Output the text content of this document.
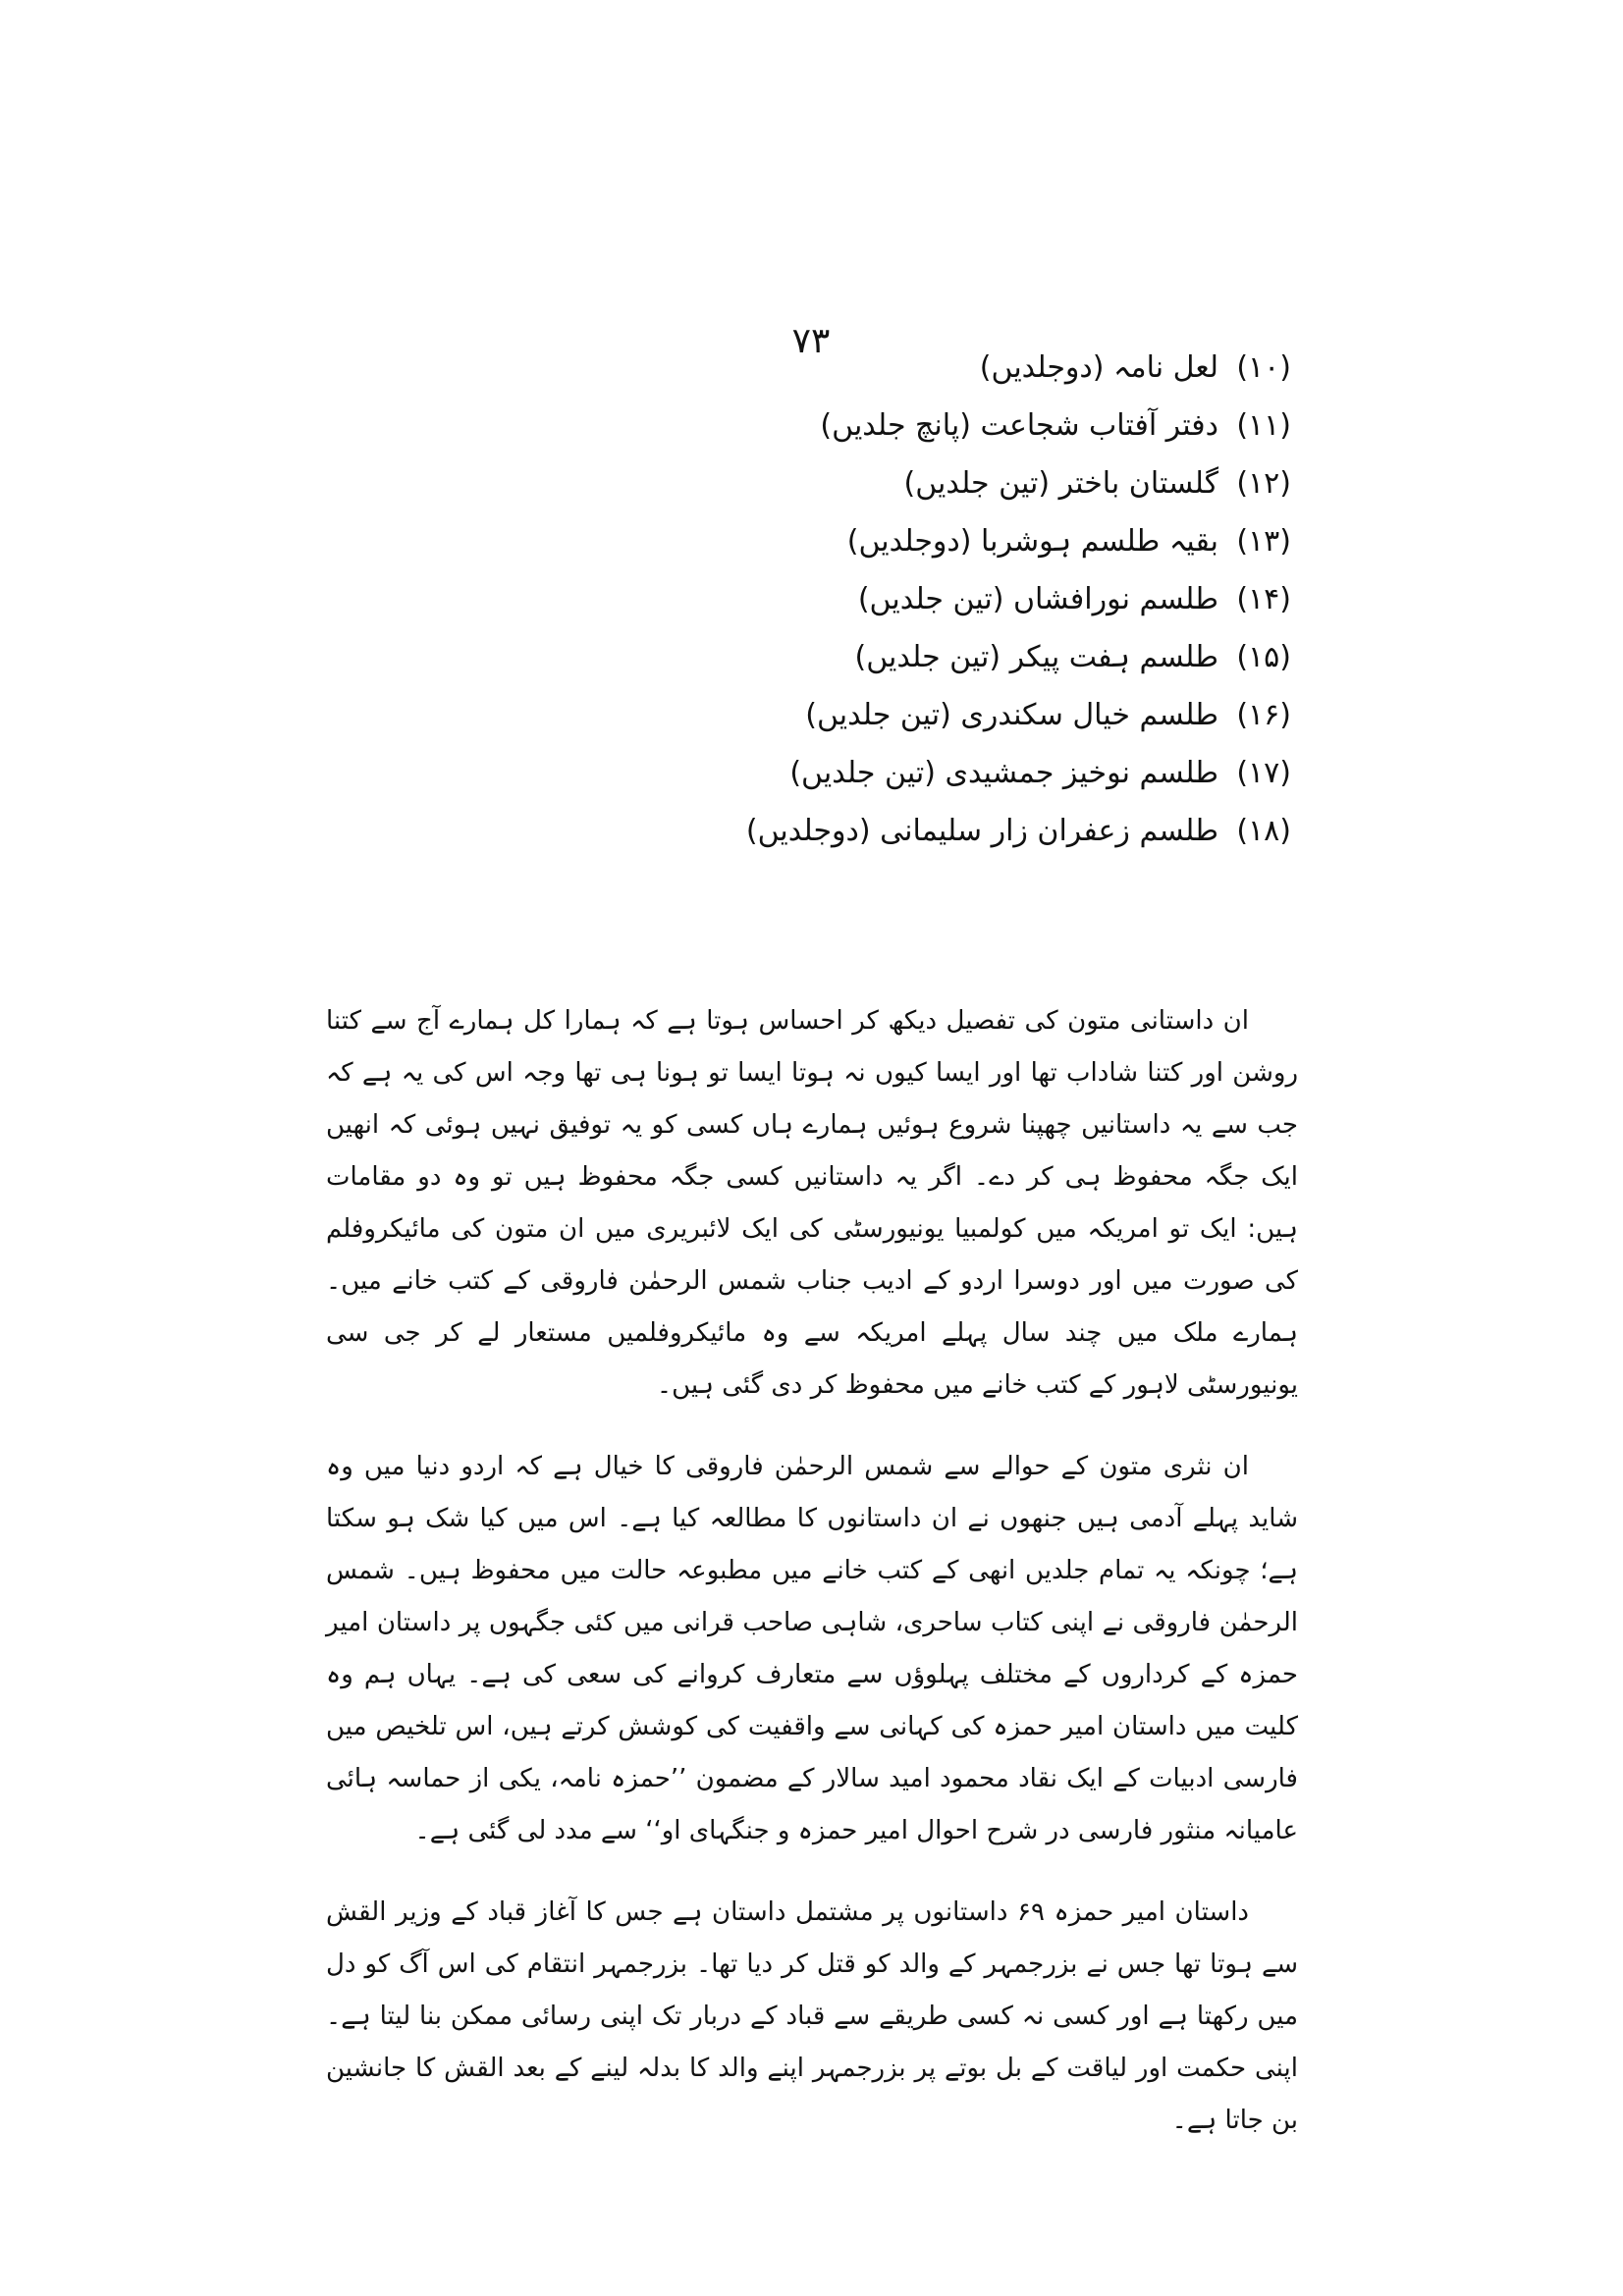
۷۳
(۱۰)لعل نامہ (دوجلدیں)
(۱۱)دفتر آفتاب شجاعت (پانچ جلدیں)
(۱۲)گلستان باختر (تین جلدیں)
(۱۳)بقیہ طلسم ہوشربا (دوجلدیں)
(۱۴)طلسم نورافشاں (تین جلدیں)
(۱۵)طلسم ہفت پیکر (تین جلدیں)
(۱۶)طلسم خیال سکندری (تین جلدیں)
(۱۷)طلسم نوخیز جمشیدی (تین جلدیں)
(۱۸)طلسم زعفران زار سلیمانی (دوجلدیں)

ان داستانی متون کی تفصیل دیکھ کر احساس ہوتا ہے کہ ہمارا کل ہمارے آج سے کتنا روشن اور کتنا شاداب تھا اور ایسا کیوں نہ ہوتا ایسا تو ہونا ہی تھا وجہ اس کی یہ ہے کہ جب سے یہ داستانیں چھپنا شروع ہوئیں ہمارے ہاں کسی کو یہ توفیق نہیں ہوئی کہ انھیں ایک جگہ محفوظ ہی کر دے۔ اگر یہ داستانیں کسی جگہ محفوظ ہیں تو وہ دو مقامات ہیں: ایک تو امریکہ میں کولمبیا یونیورسٹی کی ایک لائبریری میں ان متون کی مائیکروفلم کی صورت میں اور دوسرا اردو کے ادیب جناب شمس الرحمٰن فاروقی کے کتب خانے میں۔ ہمارے ملک میں چند سال پہلے امریکہ سے وہ مائیکروفلمیں مستعار لے کر جی سی یونیورسٹی لاہور کے کتب خانے میں محفوظ کر دی گئی ہیں۔

ان نثری متون کے حوالے سے شمس الرحمٰن فاروقی کا خیال ہے کہ اردو دنیا میں وہ شاید پہلے آدمی ہیں جنھوں نے ان داستانوں کا مطالعہ کیا ہے۔ اس میں کیا شک ہو سکتا ہے؛ چونکہ یہ تمام جلدیں انھی کے کتب خانے میں مطبوعہ حالت میں محفوظ ہیں۔ شمس الرحمٰن فاروقی نے اپنی کتاب ساحری، شاہی صاحب قرانی میں کئی جگہوں پر داستان امیر حمزہ کے کرداروں کے مختلف پہلوؤں سے متعارف کروانے کی سعی کی ہے۔ یہاں ہم وہ کلیت میں داستان امیر حمزہ کی کہانی سے واقفیت کی کوشش کرتے ہیں، اس تلخیص میں فارسی ادبیات کے ایک نقاد محمود امید سالار کے مضمون ’’حمزہ نامہ، یکی از حماسہ ہائی عامیانہ منثور فارسی در شرح احوال امیر حمزہ و جنگہای او‘‘ سے مدد لی گئی ہے۔

داستان امیر حمزہ ۶۹ داستانوں پر مشتمل داستان ہے جس کا آغاز قباد کے وزیر القش سے ہوتا تھا جس نے بزرجمہر کے والد کو قتل کر دیا تھا۔ بزرجمہر انتقام کی اس آگ کو دل میں رکھتا ہے اور کسی نہ کسی طریقے سے قباد کے دربار تک اپنی رسائی ممکن بنا لیتا ہے۔ اپنی حکمت اور لیاقت کے بل بوتے پر بزرجمہر اپنے والد کا بدلہ لینے کے بعد القش کا جانشین بن جاتا ہے۔
